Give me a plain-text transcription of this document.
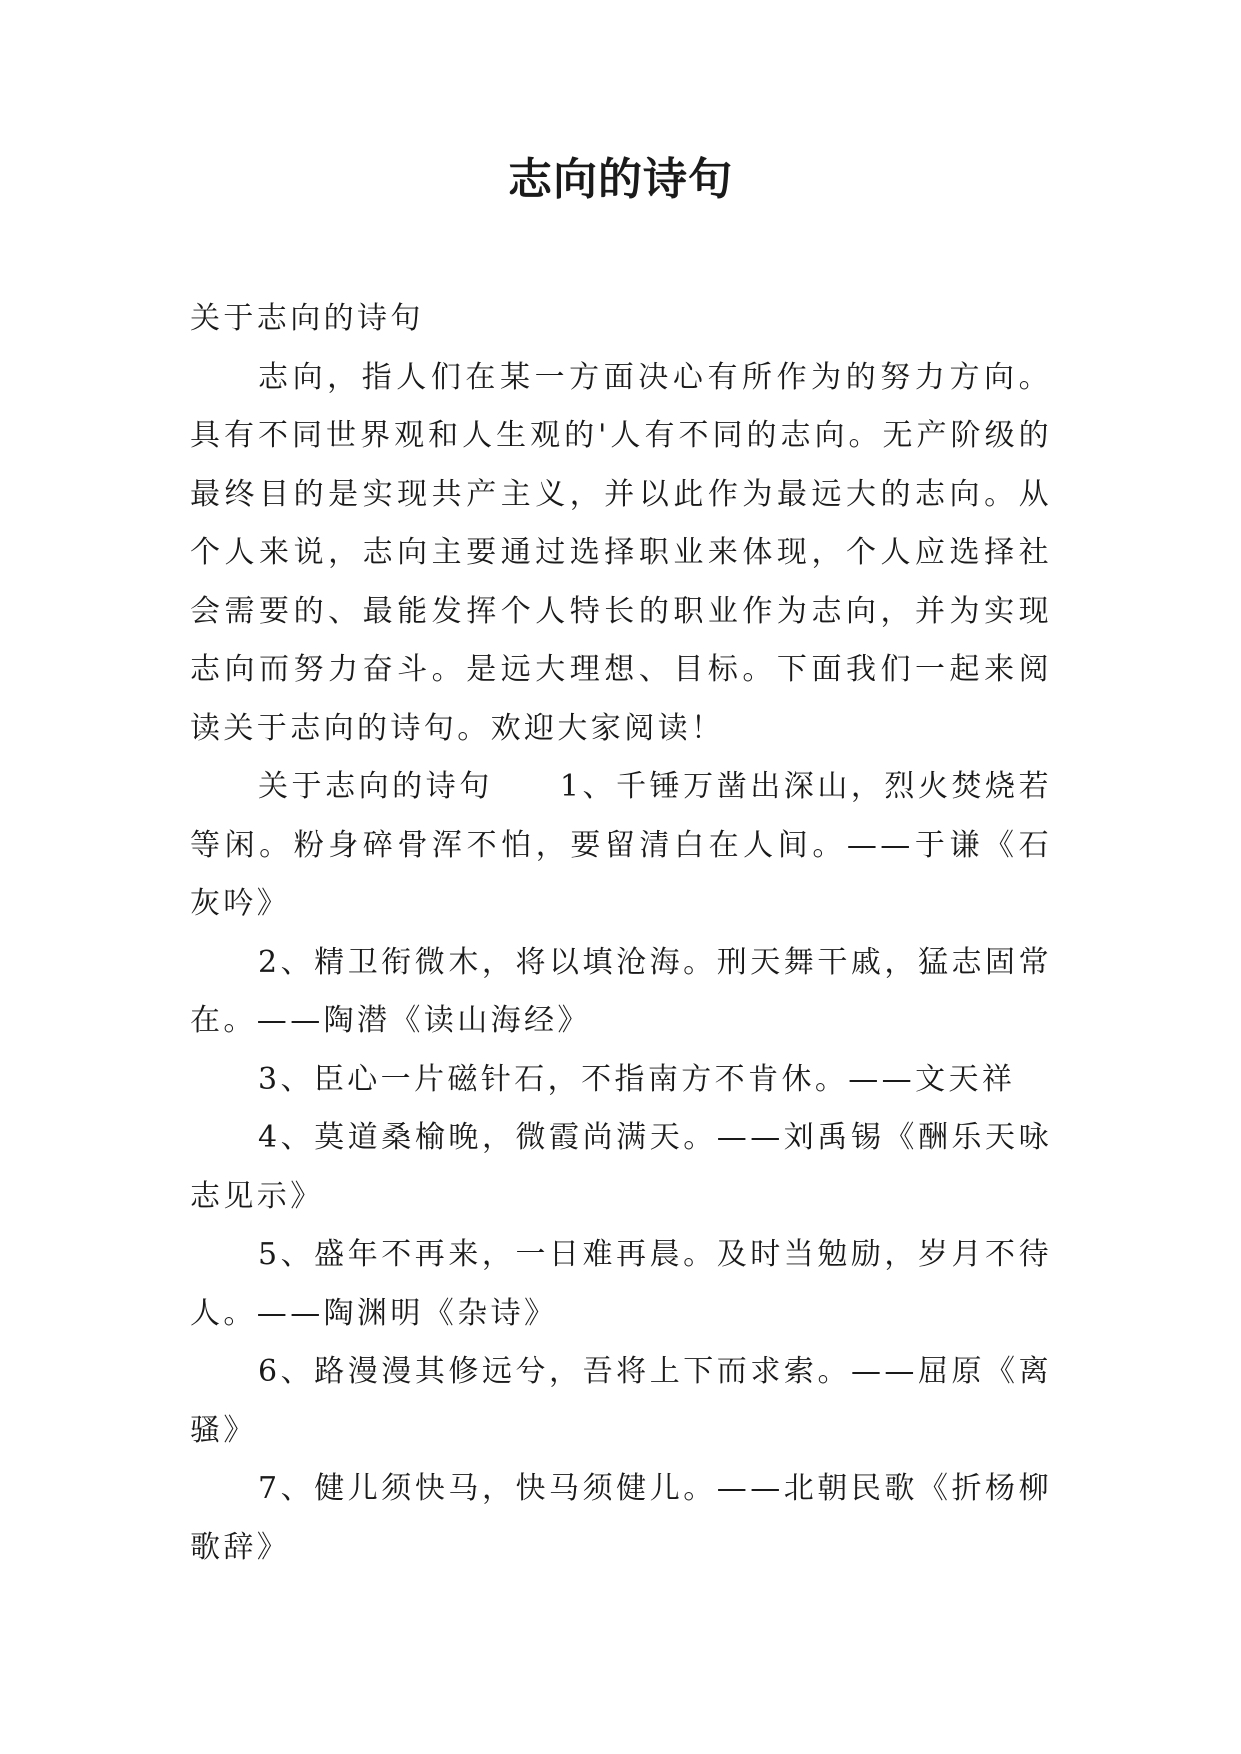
志向的诗句

关于志向的诗句

志向，指人们在某一方面决心有所作为的努力方向。具有不同世界观和人生观的'人有不同的志向。无产阶级的最终目的是实现共产主义，并以此作为最远大的志向。从个人来说，志向主要通过选择职业来体现，个人应选择社会需要的、最能发挥个人特长的职业作为志向，并为实现志向而努力奋斗。是远大理想、目标。下面我们一起来阅读关于志向的诗句。欢迎大家阅读！

关于志向的诗句　　1、千锤万凿出深山，烈火焚烧若等闲。粉身碎骨浑不怕，要留清白在人间。——于谦《石灰吟》

2、精卫衔微木，将以填沧海。刑天舞干戚，猛志固常在。——陶潜《读山海经》

3、臣心一片磁针石，不指南方不肯休。——文天祥

4、莫道桑榆晚，微霞尚满天。——刘禹锡《酬乐天咏志见示》

5、盛年不再来，一日难再晨。及时当勉励，岁月不待人。——陶渊明《杂诗》

6、路漫漫其修远兮，吾将上下而求索。——屈原《离骚》

7、健儿须快马，快马须健儿。——北朝民歌《折杨柳歌辞》
